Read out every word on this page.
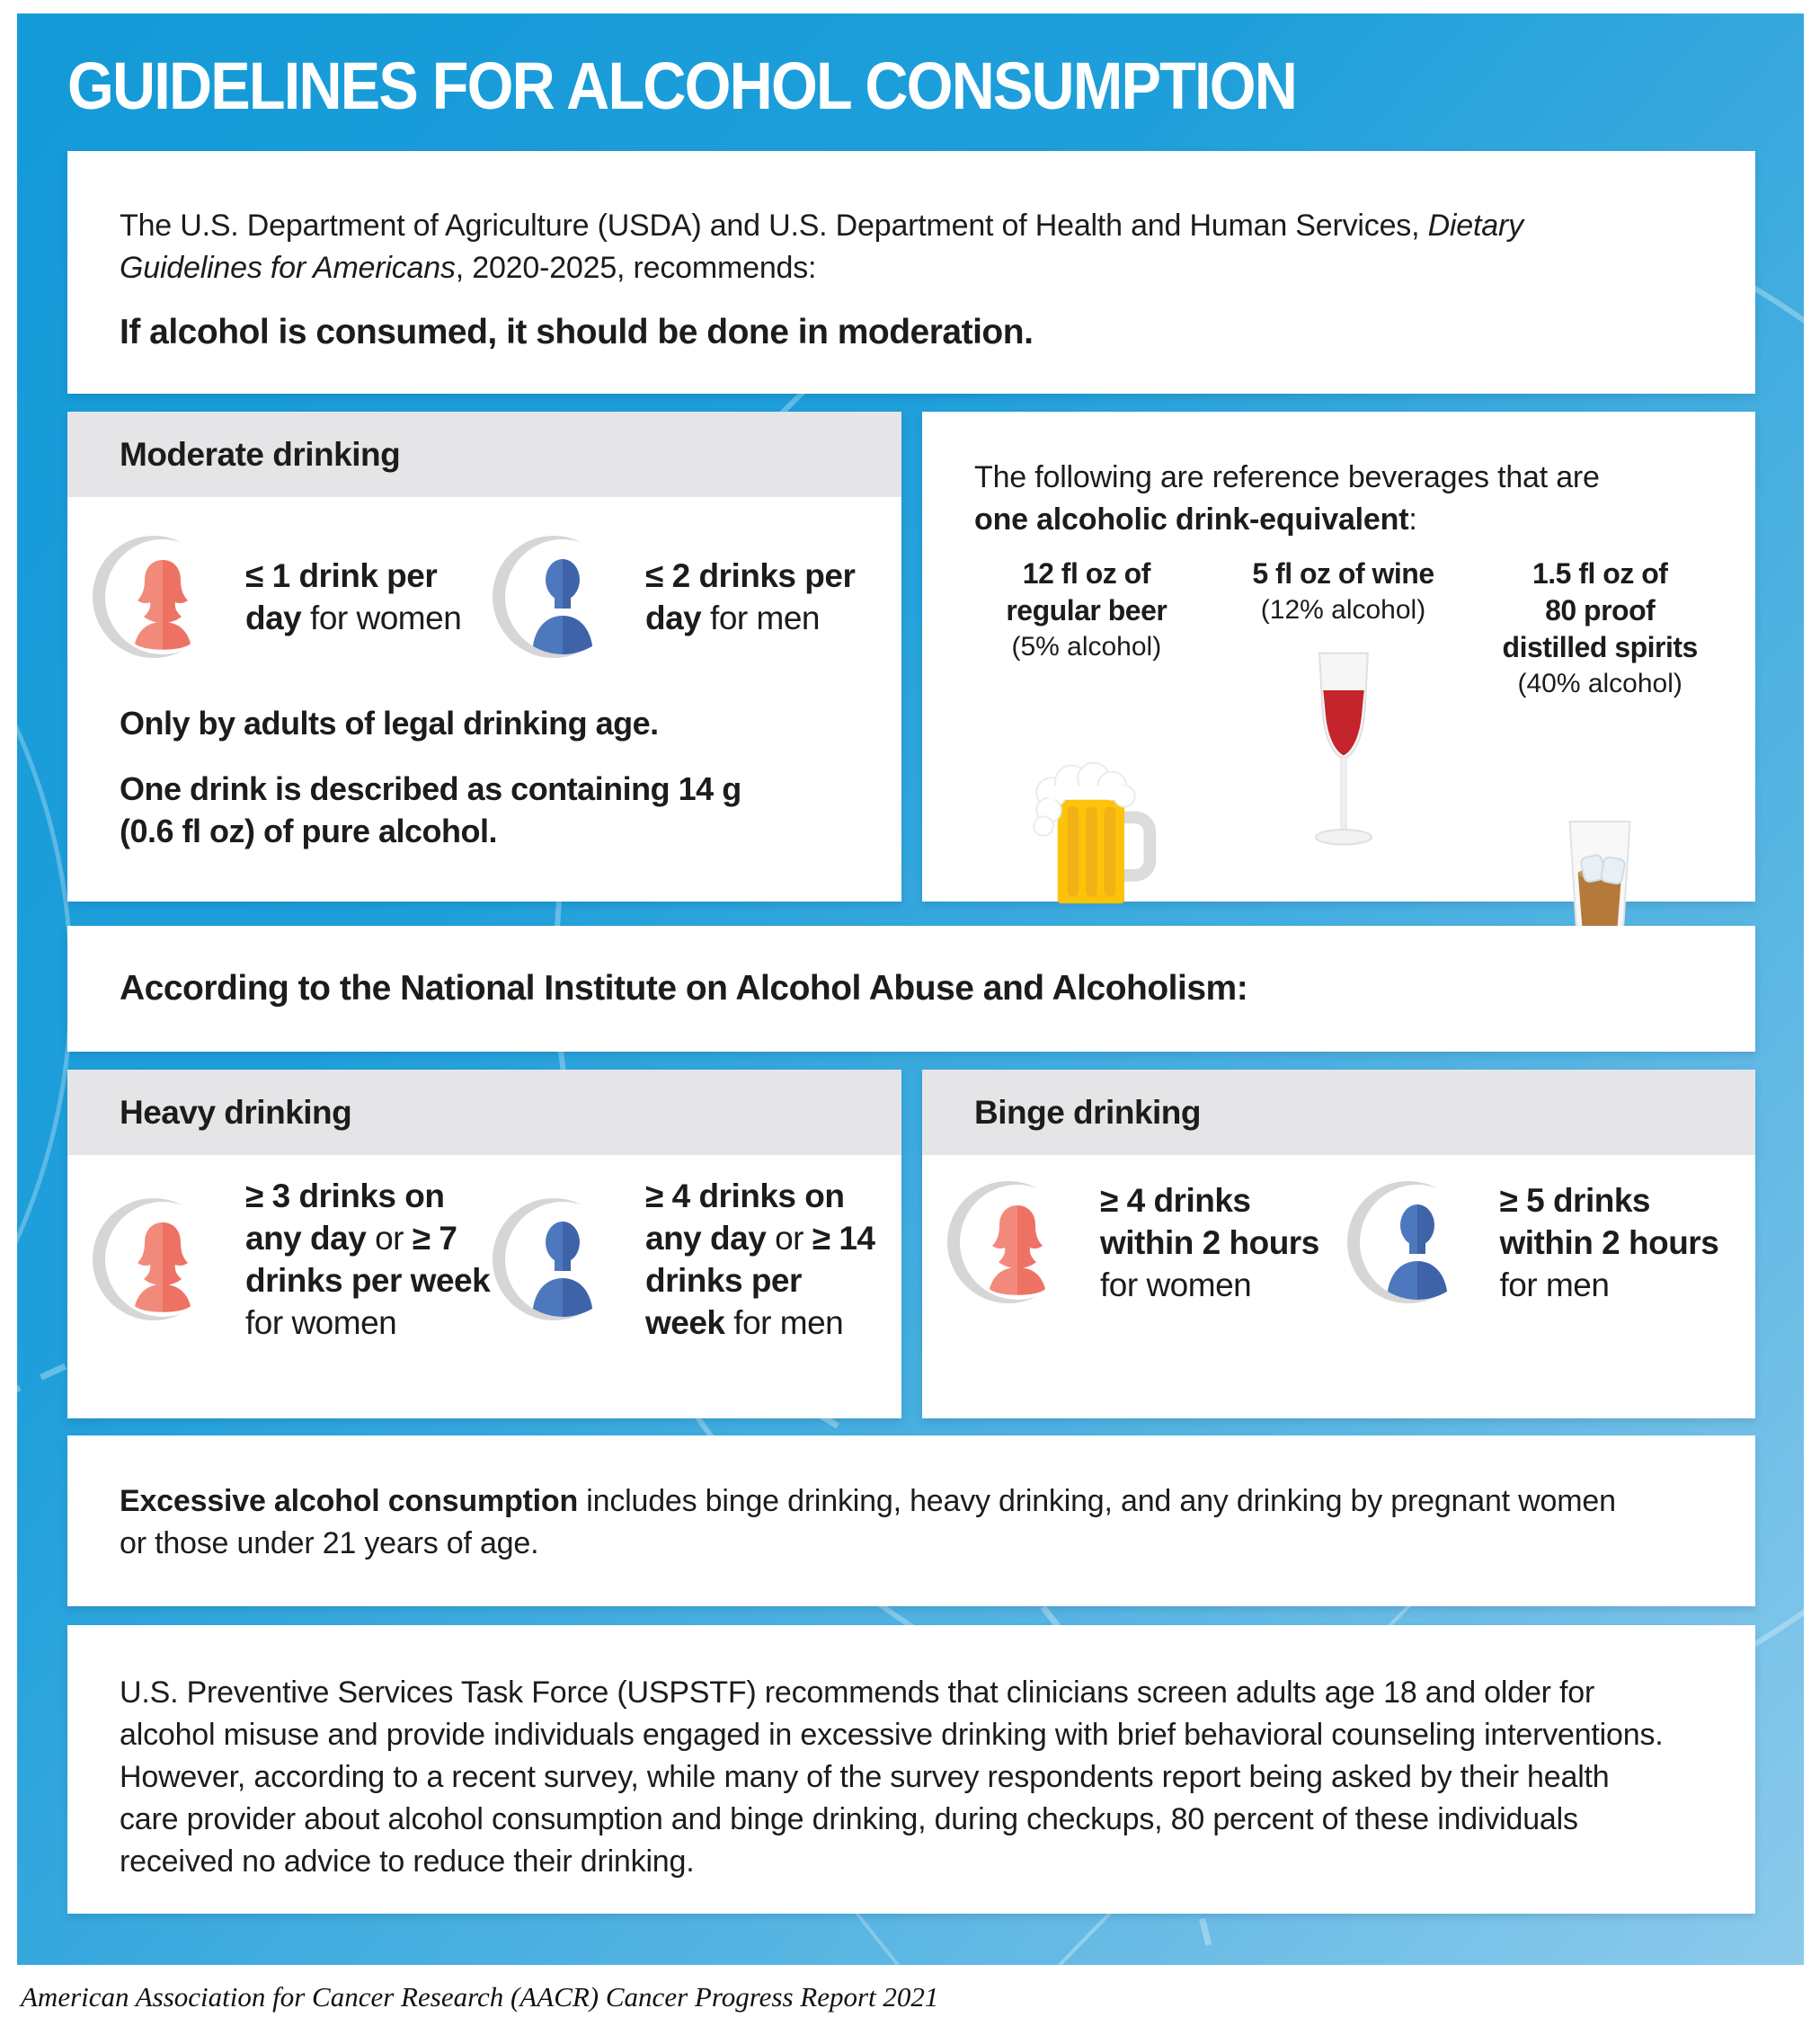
GUIDELINES FOR ALCOHOL CONSUMPTION
The U.S. Department of Agriculture (USDA) and U.S. Department of Health and Human Services, Dietary Guidelines for Americans, 2020-2025, recommends:
If alcohol is consumed, it should be done in moderation.
Moderate drinking
≤ 1 drink per
day for women
≤ 2 drinks per
day for men
Only by adults of legal drinking age.
One drink is described as containing 14 g
(0.6 fl oz) of pure alcohol.
The following are reference beverages that are
one alcoholic drink-equivalent:
12 fl oz of
regular beer
(5% alcohol)
5 fl oz of wine
(12% alcohol)
1.5 fl oz of
80 proof
distilled spirits
(40% alcohol)
According to the National Institute on Alcohol Abuse and Alcoholism:
Heavy drinking
≥ 3 drinks on
any day or ≥ 7
drinks per week
for women
≥ 4 drinks on
any day or ≥ 14
drinks per
week for men
Binge drinking
≥ 4 drinks
within 2 hours
for women
≥ 5 drinks
within 2 hours
for men
Excessive alcohol consumption includes binge drinking, heavy drinking, and any drinking by pregnant women or those under 21 years of age.
U.S. Preventive Services Task Force (USPSTF) recommends that clinicians screen adults age 18 and older for alcohol misuse and provide individuals engaged in excessive drinking with brief behavioral counseling interventions. However, according to a recent survey, while many of the survey respondents report being asked by their health care provider about alcohol consumption and binge drinking, during checkups, 80 percent of these individuals received no advice to reduce their drinking.
American Association for Cancer Research (AACR) Cancer Progress Report 2021
